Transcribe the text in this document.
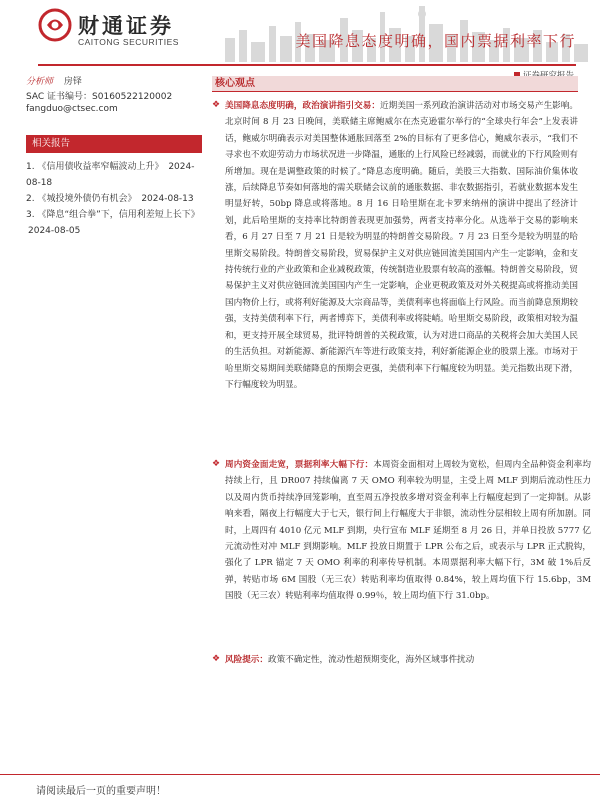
财通证券
CAITONG SECURITIES	美国降息态度明确，国内票据利率下行
分析师 房铎
SAC 证书编号：S0160522120002
fangduo@ctsec.com
相关报告
1. 《信用债收益率窄幅波动上升》 2024-08-18
2. 《城投境外债仍有机会》 2024-08-13
3. 《降息“组合拳”下，信用利差短上长下》 2024-08-05
核心观点
❖ 美国降息态度明确，政治演讲指引交易：近期美国一系列政治演讲活动对市场交易产生影响。北京时间 8 月 23 日晚间，美联储主席鲍威尔在杰克逊霍尔举行的“全球央行年会”上发表讲话，鲍威尔明确表示对美国整体通胀回落至 2%的目标有了更多信心，鲍威尔表示，“我们不寻求也不欢迎劳动力市场状况进一步降温，通胀的上行风险已经减弱，而就业的下行风险则有所增加。现在是调整政策的时候了。”降息态度明确。随后，美股三大指数、国际油价集体收涨，后续降息节奏如何落地的需关联储会议前的通胀数据、非农数据指引，若就业数据本发生明显好转，50bp 降息或将落地。8 月 16 日哈里斯在北卡罗来纳州的演讲中提出了经济计划，此后哈里斯的支持率比特朗普表现更加强势，两者支持率分化。从选举于交易的影响来看，6 月 27 日至 7 月 21 日是较为明显的特朗普交易阶段。7 月 23 日至今是较为明显的哈里斯交易阶段。特朗普交易阶段，贸易保护主义对供应链回流美国国内产生一定影响，金和支持传统行业的产业政策和企业减税政策，传统制造业股票有较高的涨幅。特朗普交易阶段，贸易保护主义对供应链回流美国国内产生一定影响，企业更税政策及对外关税提高或将推动美国国内物价上行，或将利好能源及大宗商品等，美债利率也将面临上行风险。而当前降息预期较强，支持美债利率下行，两者博弈下，美债利率或将陡峭。哈里斯交易阶段，政策相对较为温和，更支持开展全球贸易，批评特朗普的关税政策，认为对进口商品的关税将会加大美国人民的生活负担。对新能源、新能源汽车等进行政策支持，利好新能源企业的股票上涨。市场对于哈里斯交易期间美联储降息的预期会更强，美债利率下行幅度较为明显。美元指数出现下滑，下行幅度较为明显。

❖ 周内资金面走宽，票据利率大幅下行：本周资金面相对上周较为宽松，但周内全品种资金利率均持续上行，且 DR007 持续偏离 7 天 OMO 利率较为明显，主受上周 MLF 到期后流动性压力以及周内货币持续净回笼影响，直至周五净投放多增对资金利率上行幅度起到了一定抑制。从影响来看，隔夜上行幅度大于七天，银行间上行幅度大于非银，流动性分层相较上周有所加剧。同时，上周四有 4010 亿元 MLF 到期，央行宣布 MLF 延期至 8 月 26 日，并单日投放 5777 亿元流动性对冲 MLF 到期影响。MLF 投放日期置于 LPR 公布之后，或表示与 LPR 正式脱钩，强化了 LPR 锚定 7 天 OMO 利率的利率传导机制。本周票据利率大幅下行，3M 破 1%后反弹，转贴市场 6M 国股（无三农）转贴利率均值取得 0.84%，较上周均值下行 15.6bp，3M 国股（无三农）转贴利率均值取得 0.99％，较上周均值下行 31.0bp。

❖ 风险提示：政策不确定性，流动性超预期变化，海外区域事件扰动

请阅读最后一页的重要声明！
